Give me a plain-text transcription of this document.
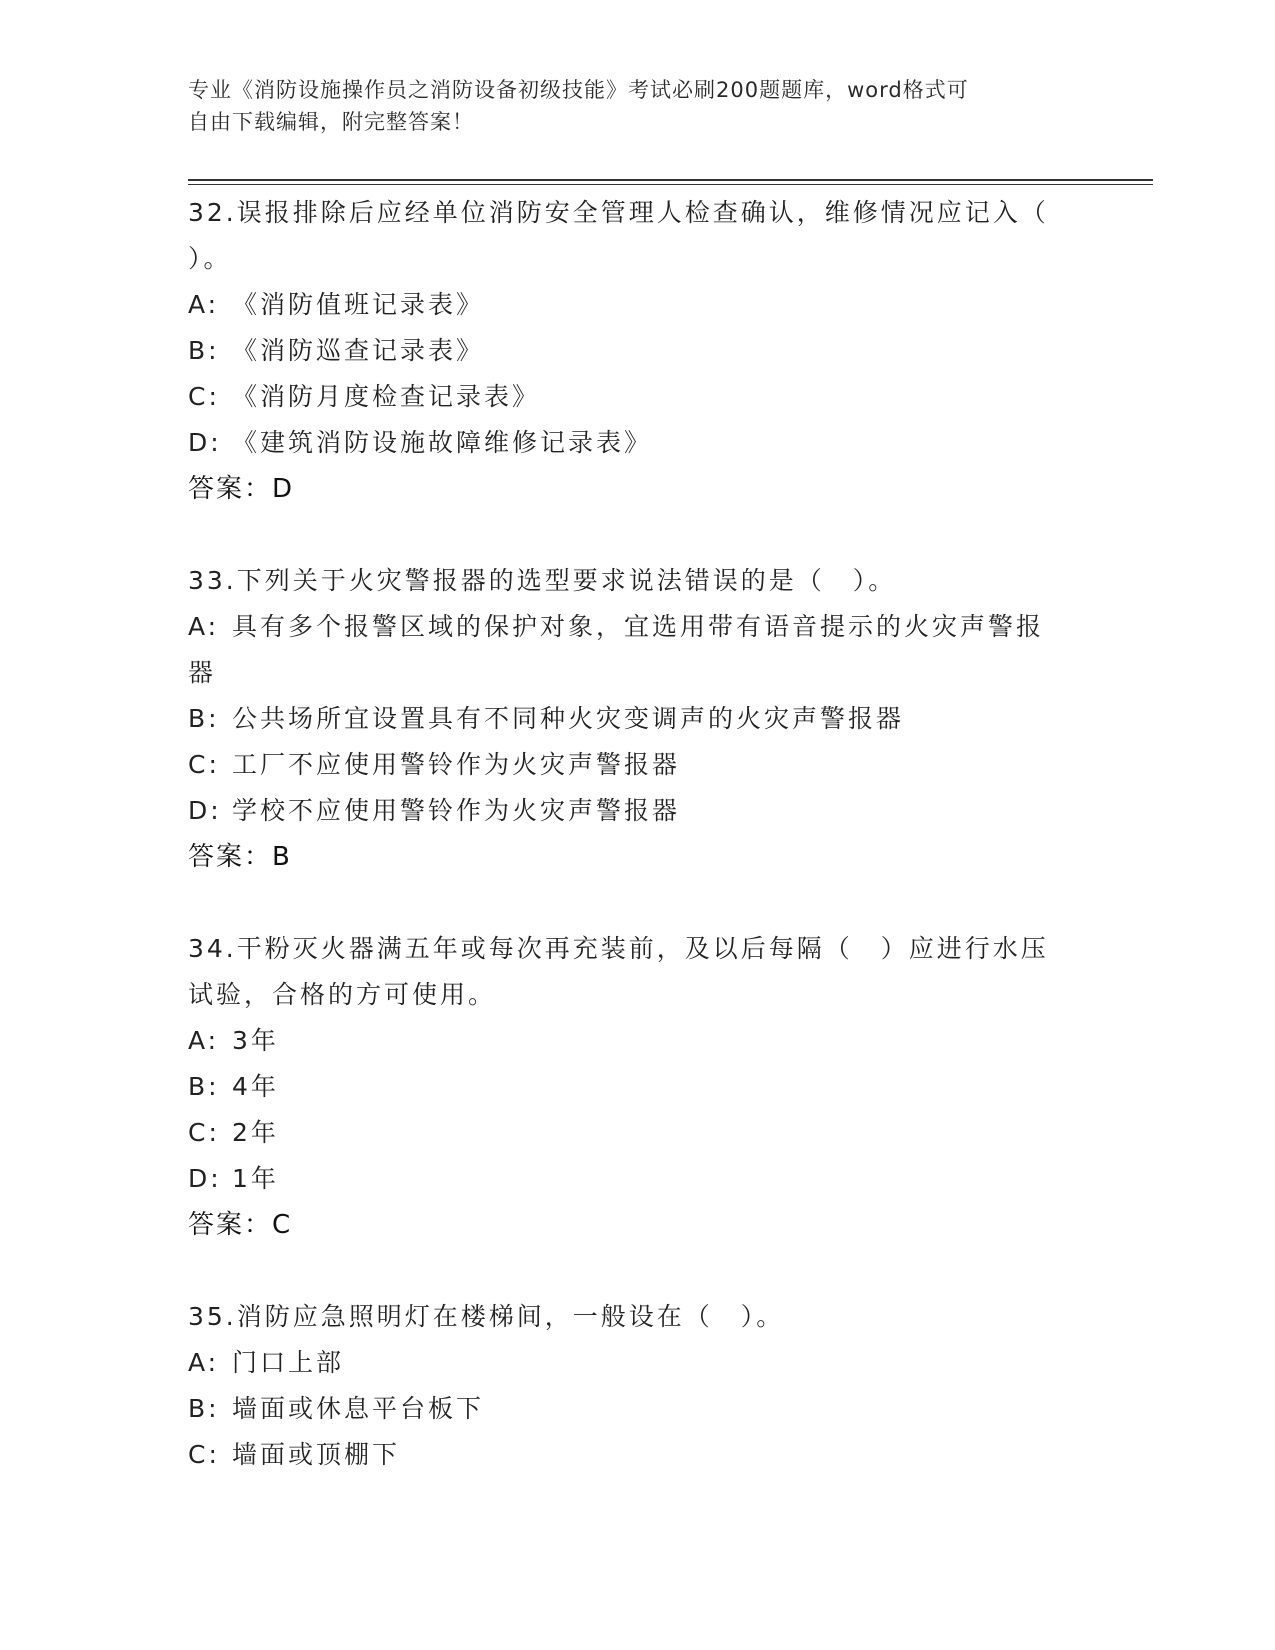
专业《消防设施操作员之消防设备初级技能》考试必刷200题题库，word格式可
自由下载编辑，附完整答案！

32.误报排除后应经单位消防安全管理人检查确认，维修情况应记入（

）。

A: 《消防值班记录表》

B: 《消防巡查记录表》

C: 《消防月度检查记录表》

D: 《建筑消防设施故障维修记录表》

答案：D

33.下列关于火灾警报器的选型要求说法错误的是（　）。

A: 具有多个报警区域的保护对象，宜选用带有语音提示的火灾声警报

器

B: 公共场所宜设置具有不同种火灾变调声的火灾声警报器

C: 工厂不应使用警铃作为火灾声警报器

D: 学校不应使用警铃作为火灾声警报器

答案：B

34.干粉灭火器满五年或每次再充装前，及以后每隔（　）应进行水压

试验，合格的方可使用。

A: 3年

B: 4年

C: 2年

D: 1年

答案：C

35.消防应急照明灯在楼梯间，一般设在（　）。

A: 门口上部

B: 墙面或休息平台板下

C: 墙面或顶棚下
